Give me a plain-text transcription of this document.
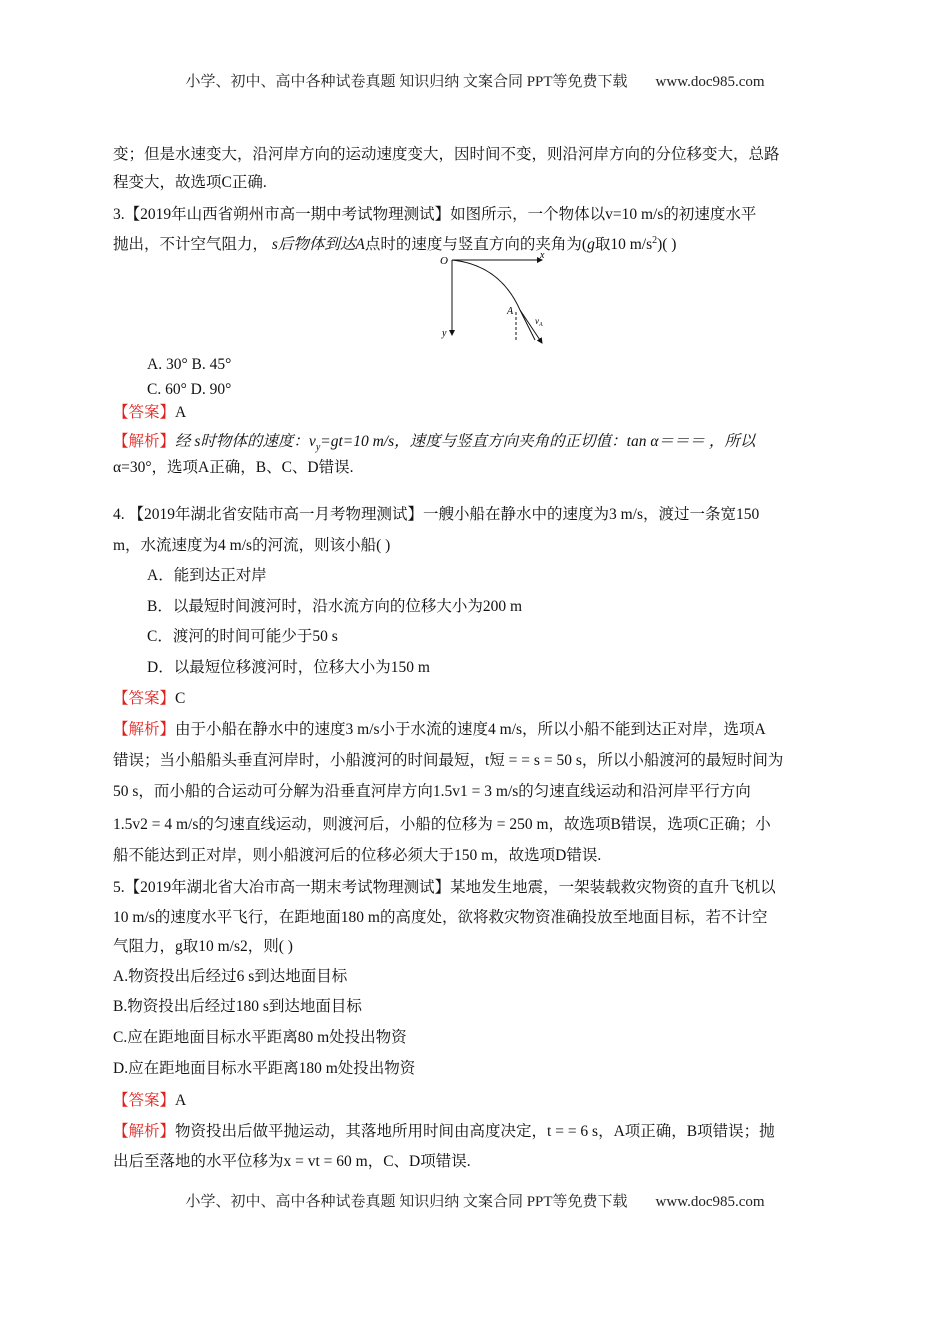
小学、初中、高中各种试卷真题 知识归纳 文案合同 PPT等免费下载 www.doc985.com
变；但是水速变大，沿河岸方向的运动速度变大，因时间不变，则沿河岸方向的分位移变大，总路
程变大，故选项C正确.
3.【2019年山西省朔州市高一期中考试物理测试】如图所示，一个物体以v=10 m/s的初速度水平
抛出，不计空气阻力， s后物体到达A点时的速度与竖直方向的夹角为(g取10 $m/s^2$)( )
O	x
y
A
$v_A$
A. 30° B. 45°
C. 60° D. 90°
【答案】A
【解析】经 s时物体的速度：$v_y=gt=10$ m/s，速度与竖直方向夹角的正切值：tan α＝＝＝ ，所以
α=30°，选项A正确，B、C、D错误.
4. 【2019年湖北省安陆市高一月考物理测试】一艘小船在静水中的速度为3 m/s，渡过一条宽150
m，水流速度为4 m/s的河流，则该小船( )
A．能到达正对岸
B．以最短时间渡河时，沿水流方向的位移大小为200 m
C．渡河的时间可能少于50 s
D．以最短位移渡河时，位移大小为150 m
【答案】C
【解析】由于小船在静水中的速度3 m/s小于水流的速度4 m/s，所以小船不能到达正对岸，选项A
错误；当小船船头垂直河岸时，小船渡河的时间最短，t短 = = s = 50 s，所以小船渡河的最短时间为
50 s，而小船的合运动可分解为沿垂直河岸方向1.5v1 = 3 m/s的匀速直线运动和沿河岸平行方向
1.5v2 = 4 m/s的匀速直线运动，则渡河后，小船的位移为 = 250 m，故选项B错误，选项C正确；小
船不能达到正对岸，则小船渡河后的位移必须大于150 m，故选项D错误.
5.【2019年湖北省大冶市高一期末考试物理测试】某地发生地震，一架装载救灾物资的直升飞机以
10 m/s的速度水平飞行，在距地面180 m的高度处，欲将救灾物资准确投放至地面目标，若不计空
气阻力，g取10 m/s2，则( )
A.物资投出后经过6 s到达地面目标
B.物资投出后经过180 s到达地面目标
C.应在距地面目标水平距离80 m处投出物资
D.应在距地面目标水平距离180 m处投出物资
【答案】A
【解析】物资投出后做平抛运动，其落地所用时间由高度决定，t = = 6 s，A项正确，B项错误；抛
出后至落地的水平位移为x = vt = 60 m，C、D项错误.
小学、初中、高中各种试卷真题 知识归纳 文案合同 PPT等免费下载 www.doc985.com
